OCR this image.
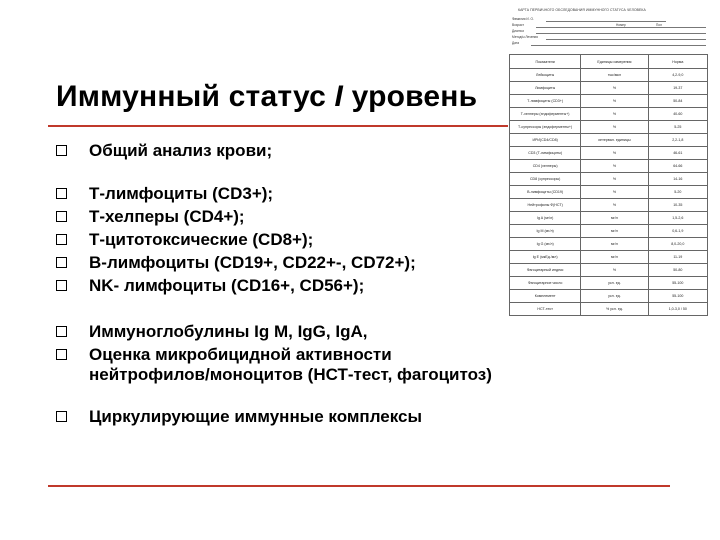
Иммунный статус I уровень
Общий анализ крови;
Т-лимфоциты (CD3+);
Т-хелперы (CD4+);
Т-цитотоксические (CD8+);
В-лимфоциты (CD19+, CD22+-, CD72+);
NK- лимфоциты (CD16+, CD56+);
Иммуноглобулины Ig M, IgG, IgA,
Оценка микробицидной активности
нейтрофилов/моноцитов (НСТ-тест, фагоцитоз)
Циркулирующие иммунные комплексы
КАРТА ПЕРВИЧНОГО ОБСЛЕДОВАНИЯ ИММУННОГО СТАТУСА ЧЕЛОВЕКА
Фамилия И. О.
Возраст
Диагноз
Метод/ы Лечения
Дата
Номер	Пол
Показатели	Единицы измерения	Норма
Лейкоциты	тыс/мкл	4,2-9,0
Лимфоциты	%	19-37
Т-лимфоциты (CD3+)	%	50-84
Т-хелперы (эндоферменты+)	%	40-60
Т-супрессоры (эндоферменты+)	%	5-25
ИРИ(CD4/CD8)	интервал. единицы	2,2-1,8
CD3 (Т-лимфоциты)	%	46-61
CD4 (хелперы)	%	64-66
CD8 (супрессоры)	%	14-16
В-лимфоциты (CD19)	%	5-20
Нейтрофилы Ф(НСТ)	%	10-35
Ig A (мг/л)	мг/л	1,5-2,6
Ig M (мг/л)	мг/л	0,6-1,9
Ig G (мг/л)	мг/л	8,0-20,0
Ig E (мкЕд./мл)	мг/л	11-19
Фагоцитарный индекс	%	50-80
Фагоцитарное число	усл. ед.	55-100
Комплемент	усл. ед.	55-100
НСТ-тест	% усл. ед.	1,0-3,0 / 50
